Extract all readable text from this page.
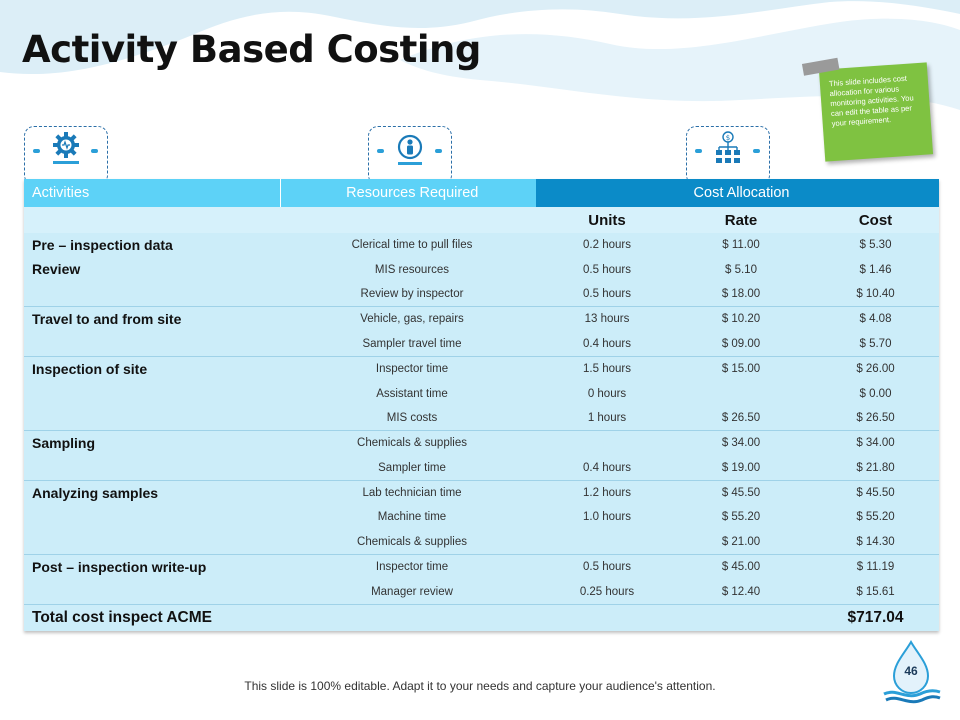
Activity Based Costing
This slide includes cost allocation for various monitoring activities. You can edit the table as per your requirement.
$
Activities	Resources Required	Cost Allocation		
		Units	Rate	Cost

Pre – inspection data
Review	Clerical time to pull files	0.2 hours	$ 11.00	$ 5.30
	MIS resources	0.5 hours	$ 5.10	$ 1.46
	Review by inspector	0.5 hours	$ 18.00	$ 10.40

Travel to and from site	Vehicle, gas, repairs	13 hours	$ 10.20	$ 4.08
	Sampler travel time	0.4 hours	$ 09.00	$ 5.70

Inspection of site	Inspector time	1.5 hours	$ 15.00	$ 26.00
	Assistant time	0 hours		$ 0.00
	MIS costs	1 hours	$ 26.50	$ 26.50

Sampling	Chemicals & supplies		$ 34.00	$ 34.00
	Sampler time	0.4 hours	$ 19.00	$ 21.80

Analyzing samples	Lab technician time	1.2 hours	$ 45.50	$ 45.50
	Machine time	1.0 hours	$ 55.20	$ 55.20
	Chemicals & supplies		$ 21.00	$ 14.30

Post – inspection write-up	Inspector time	0.5 hours	$ 45.00	$ 11.19
	Manager review	0.25 hours	$ 12.40	$ 15.61
Total cost inspect ACME				$717.04
This slide is 100% editable. Adapt it to your needs and capture your audience's attention.
46
